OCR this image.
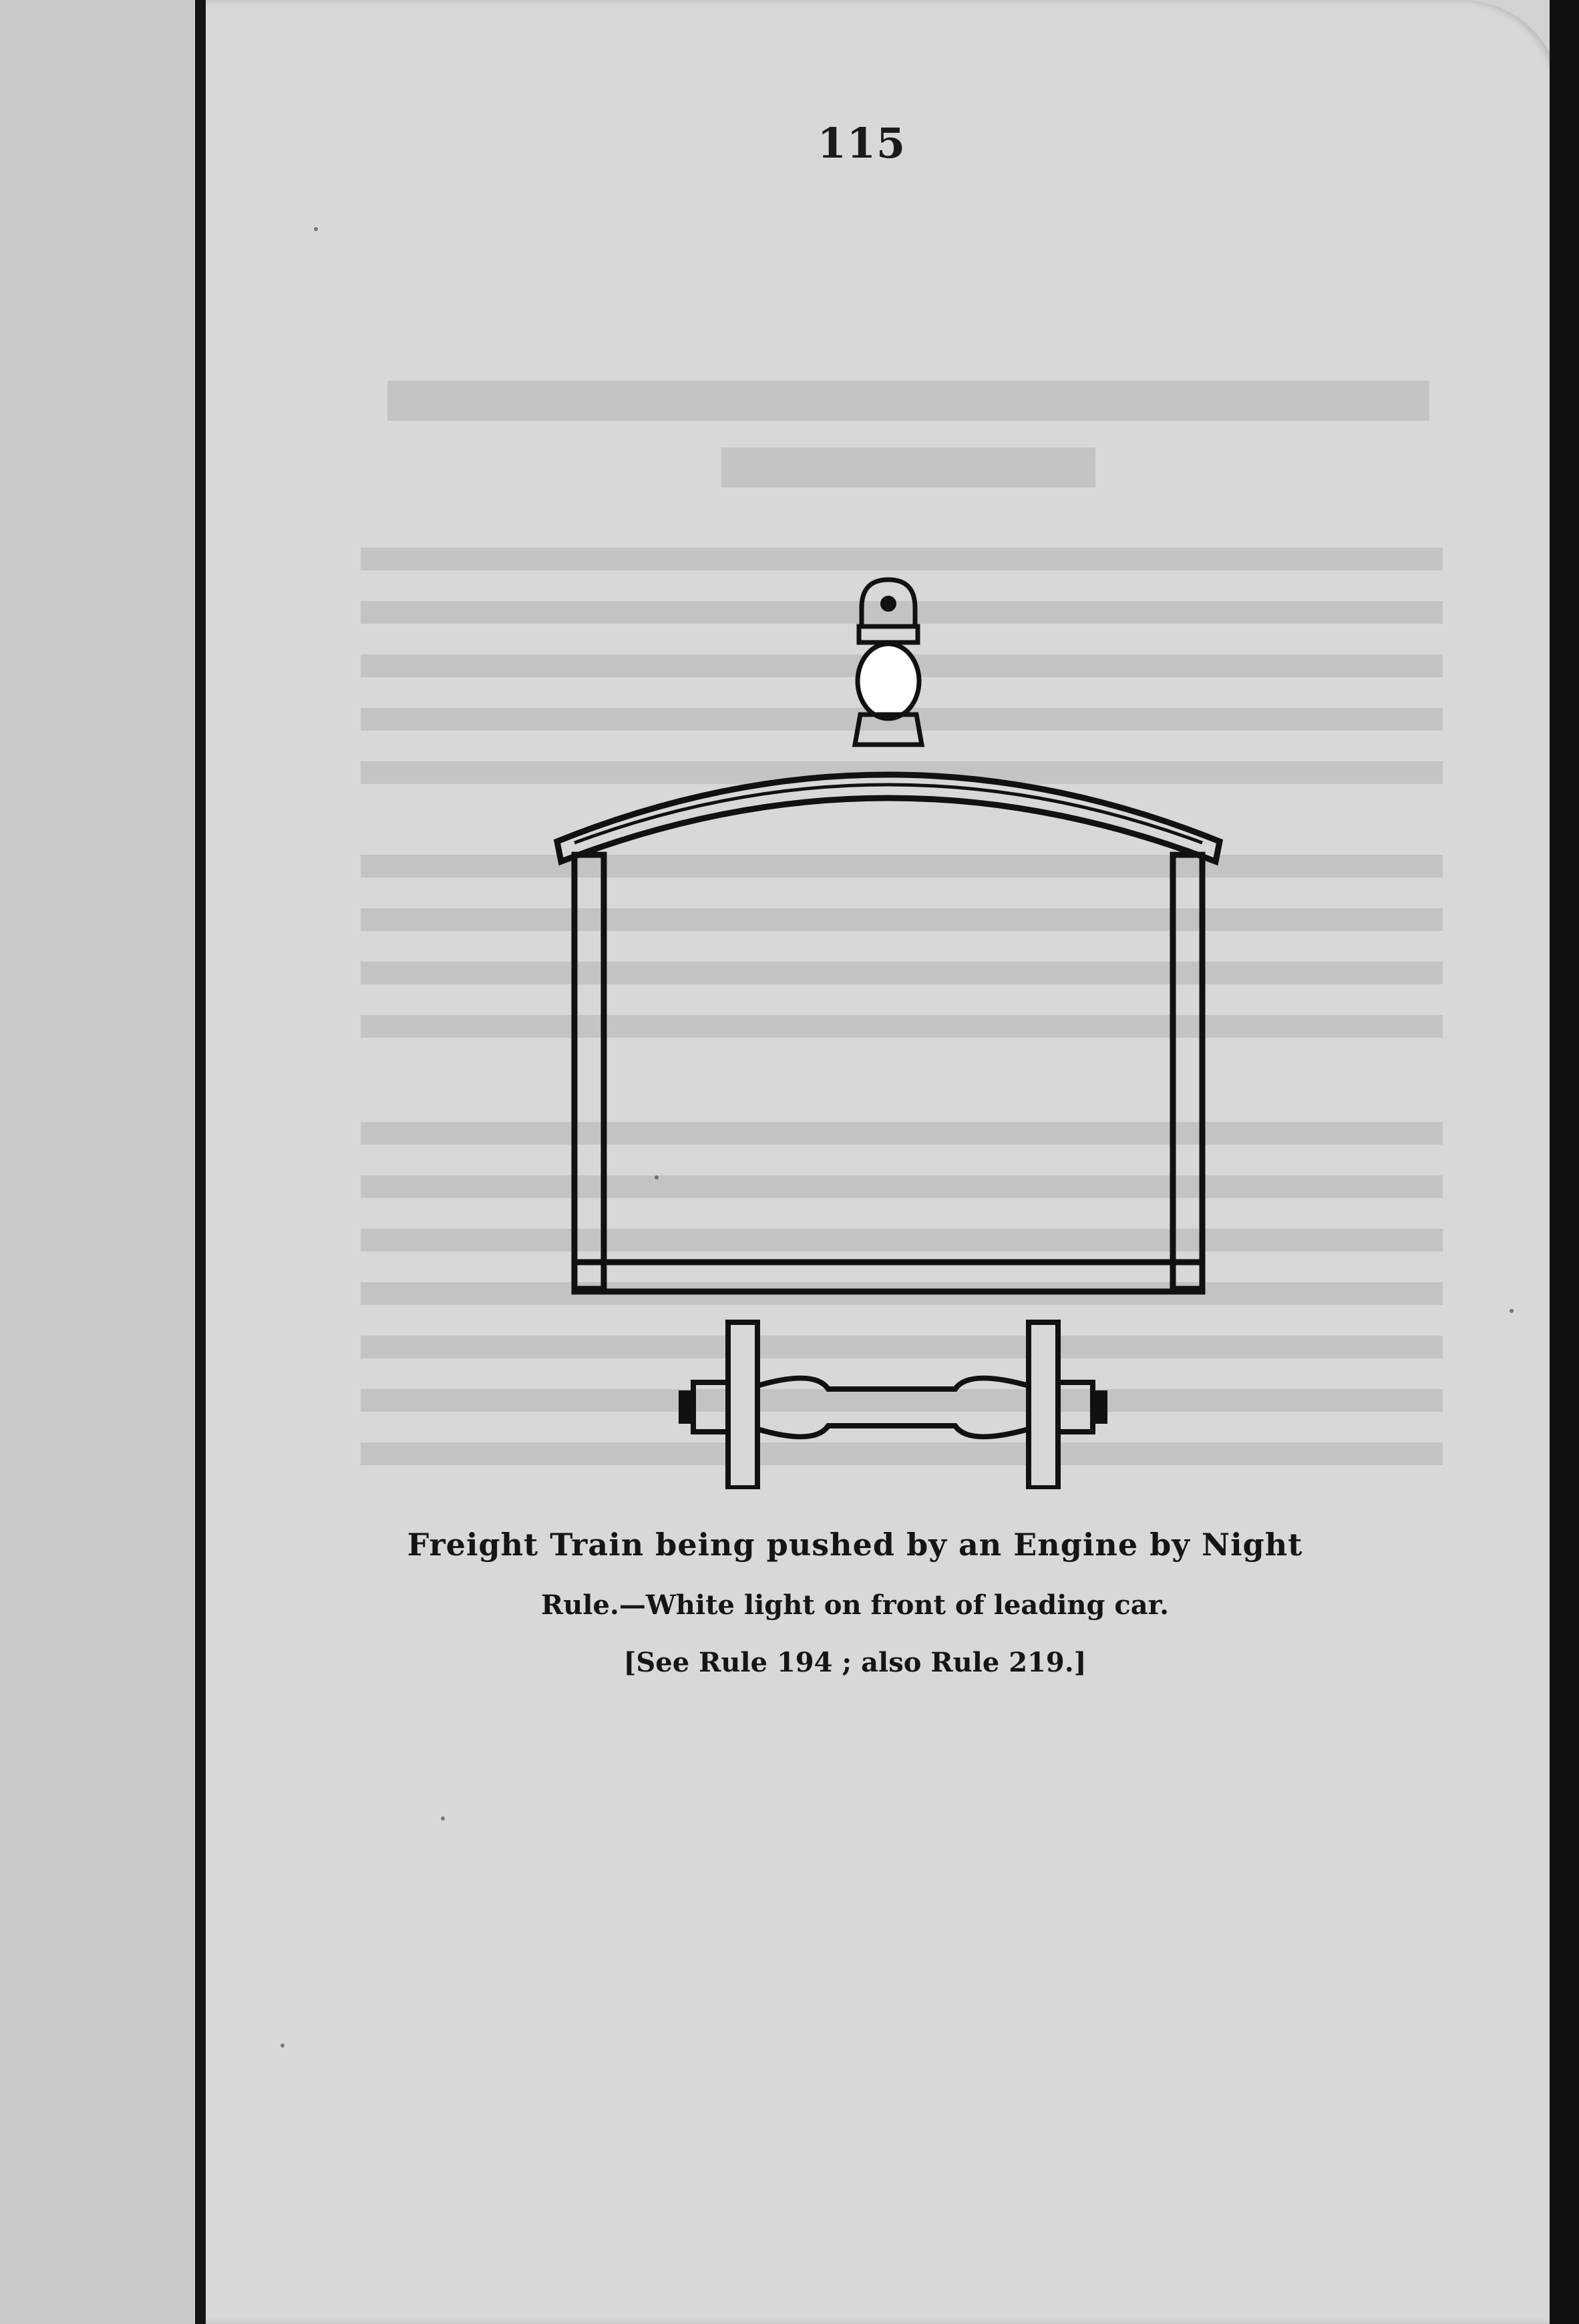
115
Freight Train being pushed by an Engine by Night
Rule.—White light on front of leading car.
[See Rule 194 ; also Rule 219.]
